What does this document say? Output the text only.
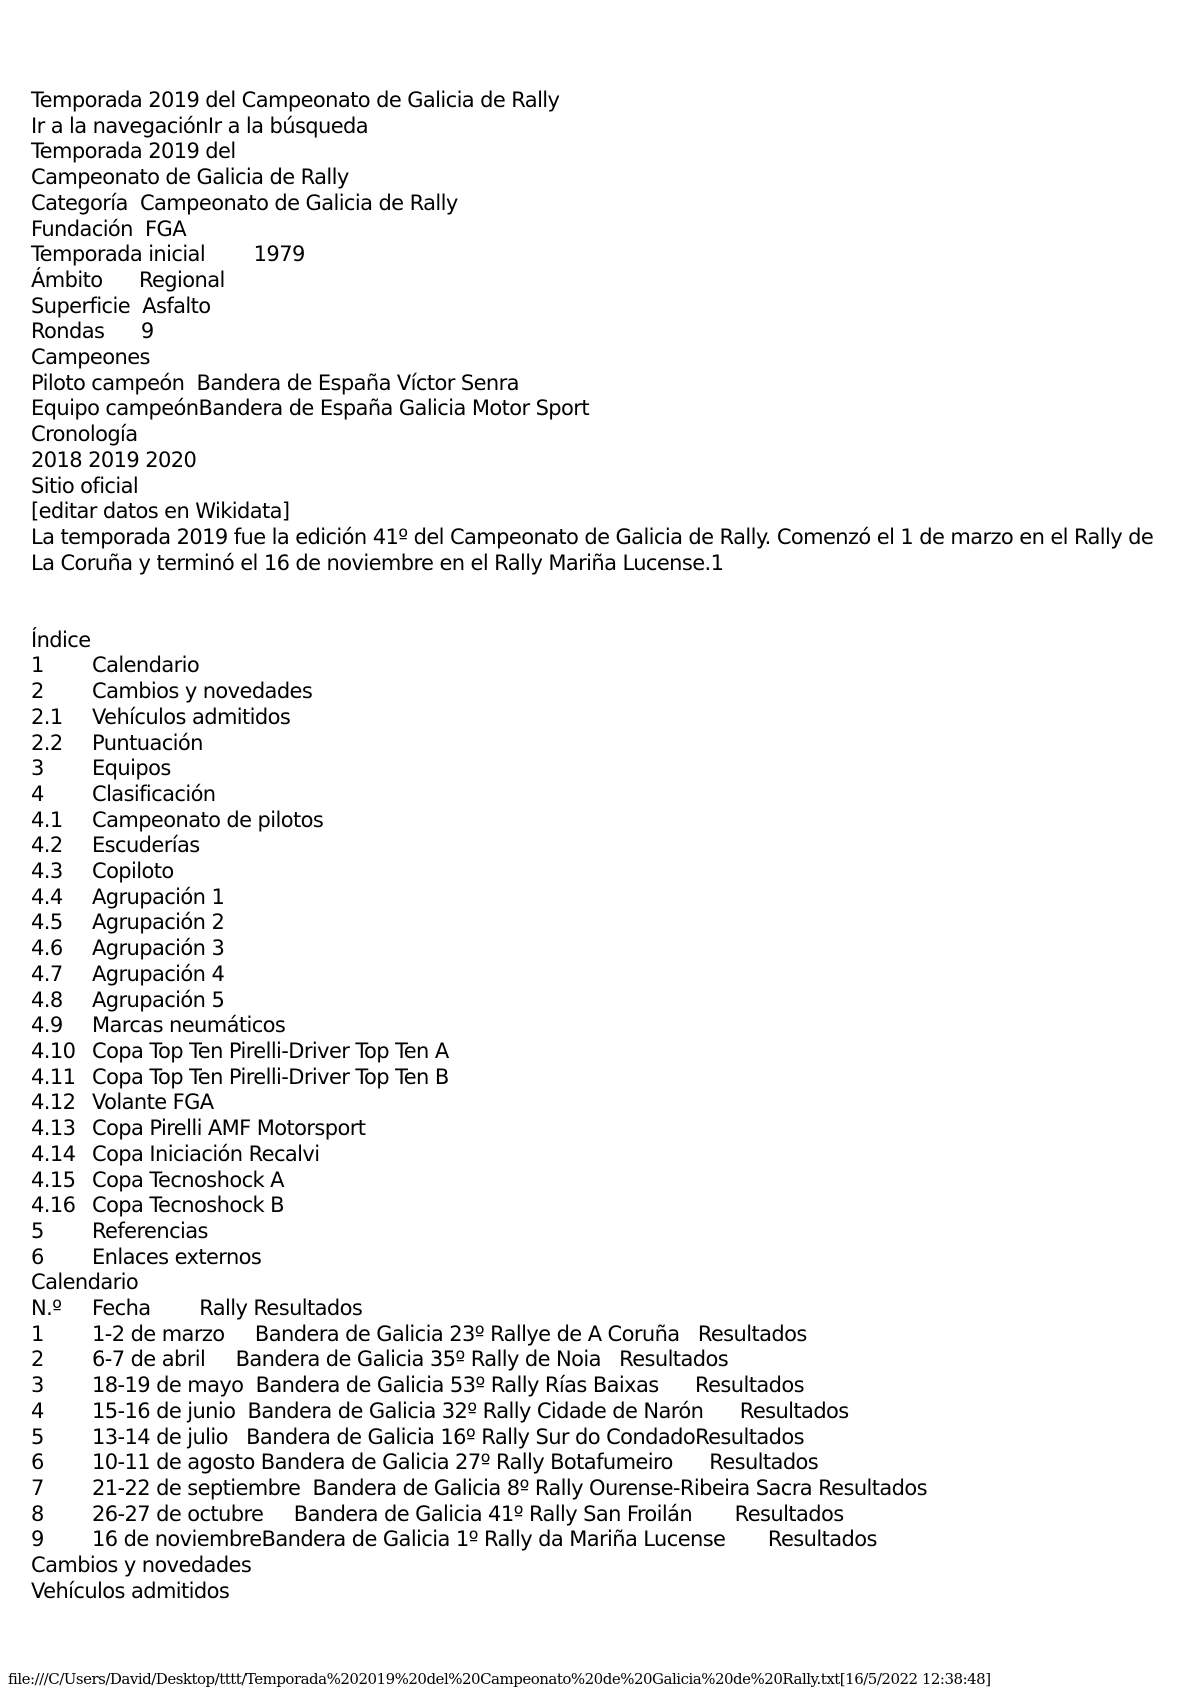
Temporada 2019 del Campeonato de Galicia de Rally
Ir a la navegaciónIr a la búsqueda
Temporada 2019 del
Campeonato de Galicia de Rally
Categoría Campeonato de Galicia de Rally
Fundación FGA
Temporada inicial 1979
Ámbito Regional
Superficie Asfalto
Rondas 9
Campeones
Piloto campeón Bandera de España Víctor Senra
Equipo campeónBandera de España Galicia Motor Sport
Cronología
2018 2019 2020
Sitio oficial
[editar datos en Wikidata]
La temporada 2019 fue la edición 41º del Campeonato de Galicia de Rally. Comenzó el 1 de marzo en el Rally de La Coruña y terminó el 16 de noviembre en el Rally Mariña Lucense.1
Índice
1 Calendario
2 Cambios y novedades
2.1 Vehículos admitidos
2.2 Puntuación
3 Equipos
4 Clasificación
4.1 Campeonato de pilotos
4.2 Escuderías
4.3 Copiloto
4.4 Agrupación 1
4.5 Agrupación 2
4.6 Agrupación 3
4.7 Agrupación 4
4.8 Agrupación 5
4.9 Marcas neumáticos
4.10 Copa Top Ten Pirelli-Driver Top Ten A
4.11 Copa Top Ten Pirelli-Driver Top Ten B
4.12 Volante FGA
4.13 Copa Pirelli AMF Motorsport
4.14 Copa Iniciación Recalvi
4.15 Copa Tecnoshock A
4.16 Copa Tecnoshock B
5 Referencias
6 Enlaces externos
Calendario
N.º Fecha Rally Resultados
1 1-2 de marzo Bandera de Galicia 23º Rallye de A Coruña Resultados
2 6-7 de abril Bandera de Galicia 35º Rally de Noia Resultados
3 18-19 de mayo Bandera de Galicia 53º Rally Rías Baixas Resultados
4 15-16 de junio Bandera de Galicia 32º Rally Cidade de Narón Resultados
5 13-14 de julio Bandera de Galicia 16º Rally Sur do CondadoResultados
6 10-11 de agosto Bandera de Galicia 27º Rally Botafumeiro Resultados
7 21-22 de septiembre Bandera de Galicia 8º Rally Ourense-Ribeira Sacra Resultados
8 26-27 de octubre Bandera de Galicia 41º Rally San Froilán Resultados
9 16 de noviembreBandera de Galicia 1º Rally da Mariña Lucense Resultados
Cambios y novedades
Vehículos admitidos
file:///C/Users/David/Desktop/tttt/Temporada%202019%20del%20Campeonato%20de%20Galicia%20de%20Rally.txt[16/5/2022 12:38:48]
